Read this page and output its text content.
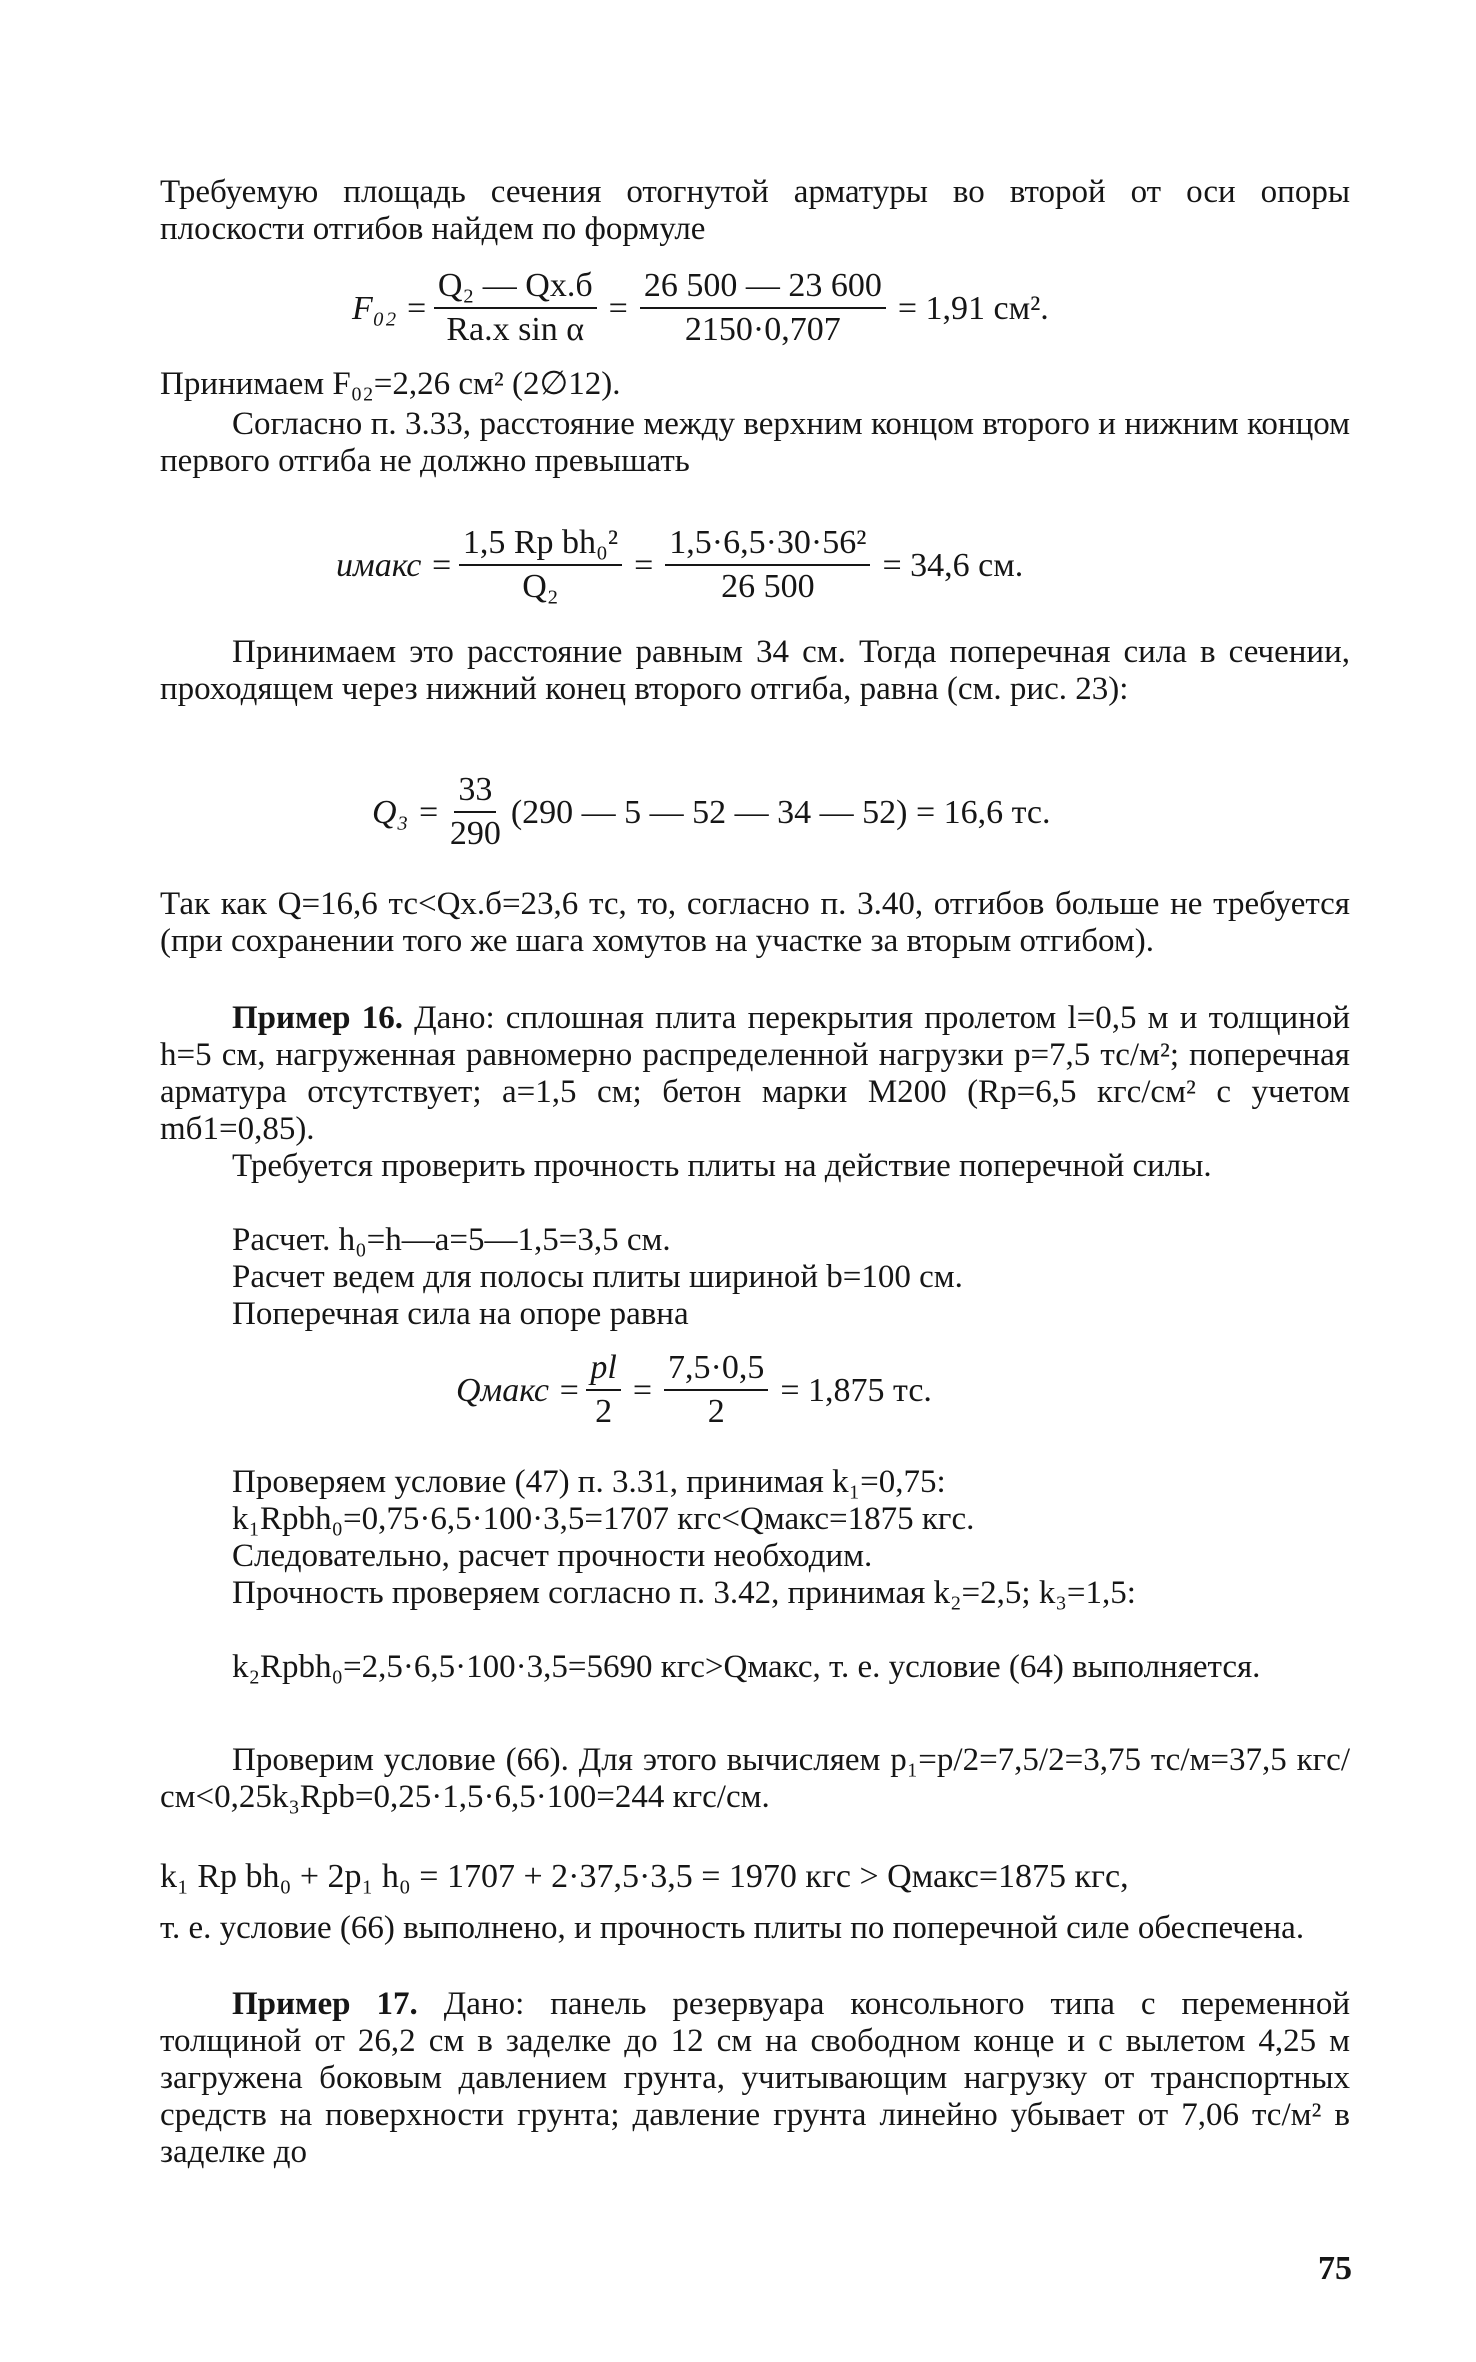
Требуемую площадь сечения отогнутой арматуры во второй от оси опоры плоскости отгибов найдем по формуле

$F_{02} = \frac{\text{Q₂ — Qх.б}}{\text{Rа.х sin α}} = \frac{26 500 — 23 600}{2150\cdot 0,707} = 1,91$ см².

Принимаем F₀₂=2,26 см² (2∅12).

Согласно п. 3.33, расстояние между верхним концом второго и нижним концом первого отгиба не должно превышать

uмакс = $\frac{\text{1,5 Rр bh₀²}}{\text{Q₂}} = \frac{\text{1,5·6,5·30·56²}}{26 500} = 34,6$ см.

Принимаем это расстояние равным 34 см. Тогда поперечная сила в сечении, проходящем через нижний конец второго отгиба, равна (см. рис. 23):

$Q_3 = \frac{33}{290} (290$ — 5 — 52 — 34 — 52) = 16,6 тс.

Так как Q=16,6 тс<Qх.б=23,6 тс, то, согласно п. 3.40, отгибов больше не требуется (при сохранении того же шага хомутов на участке за вторым отгибом).

Пример 16. Дано: сплошная плита перекрытия пролетом l=0,5 м и толщиной h=5 см, нагруженная равномерно распределенной нагрузки p=7,5 тс/м²; поперечная арматура отсутствует; a=1,5 см; бетон марки M200 (Rр=6,5 кгс/см² с учетом mб1=0,85).

Требуется проверить прочность плиты на действие поперечной силы.

Расчет. h₀=h—a=5—1,5=3,5 см.

Расчет ведем для полосы плиты шириной b=100 см.

Поперечная сила на опоре равна

Qмакс = $\frac{pl}{2} = \frac{7,5\cdot 0,5}{2} = 1,875$ тс.

Проверяем условие (47) п. 3.31, принимая k₁=0,75:

k₁Rрbh₀=0,75·6,5·100·3,5=1707 кгс<Qмакс=1875 кгс.

Следовательно, расчет прочности необходим.

Прочность проверяем согласно п. 3.42, принимая k₂=2,5; k₃=1,5:

k₂Rрbh₀=2,5·6,5·100·3,5=5690 кгс>Qмакс, т. е. условие (64) выполняется.

Проверим условие (66). Для этого вычисляем p₁=p/2=7,5/2=3,75 тс/м=37,5 кгс/см<0,25k₃Rрb=0,25·1,5·6,5·100=244 кгс/см.

k₁ Rр bh₀ + 2p₁ h₀ = 1707 + 2·37,5·3,5 = 1970 кгс > Qмакс=1875 кгс,

т. е. условие (66) выполнено, и прочность плиты по поперечной силе обеспечена.

Пример 17. Дано: панель резервуара консольного типа с переменной толщиной от 26,2 см в заделке до 12 см на свободном конце и с вылетом 4,25 м загружена боковым давлением грунта, учитывающим нагрузку от транспортных средств на поверхности грунта; давление грунта линейно убывает от 7,06 тс/м² в заделке до

75
